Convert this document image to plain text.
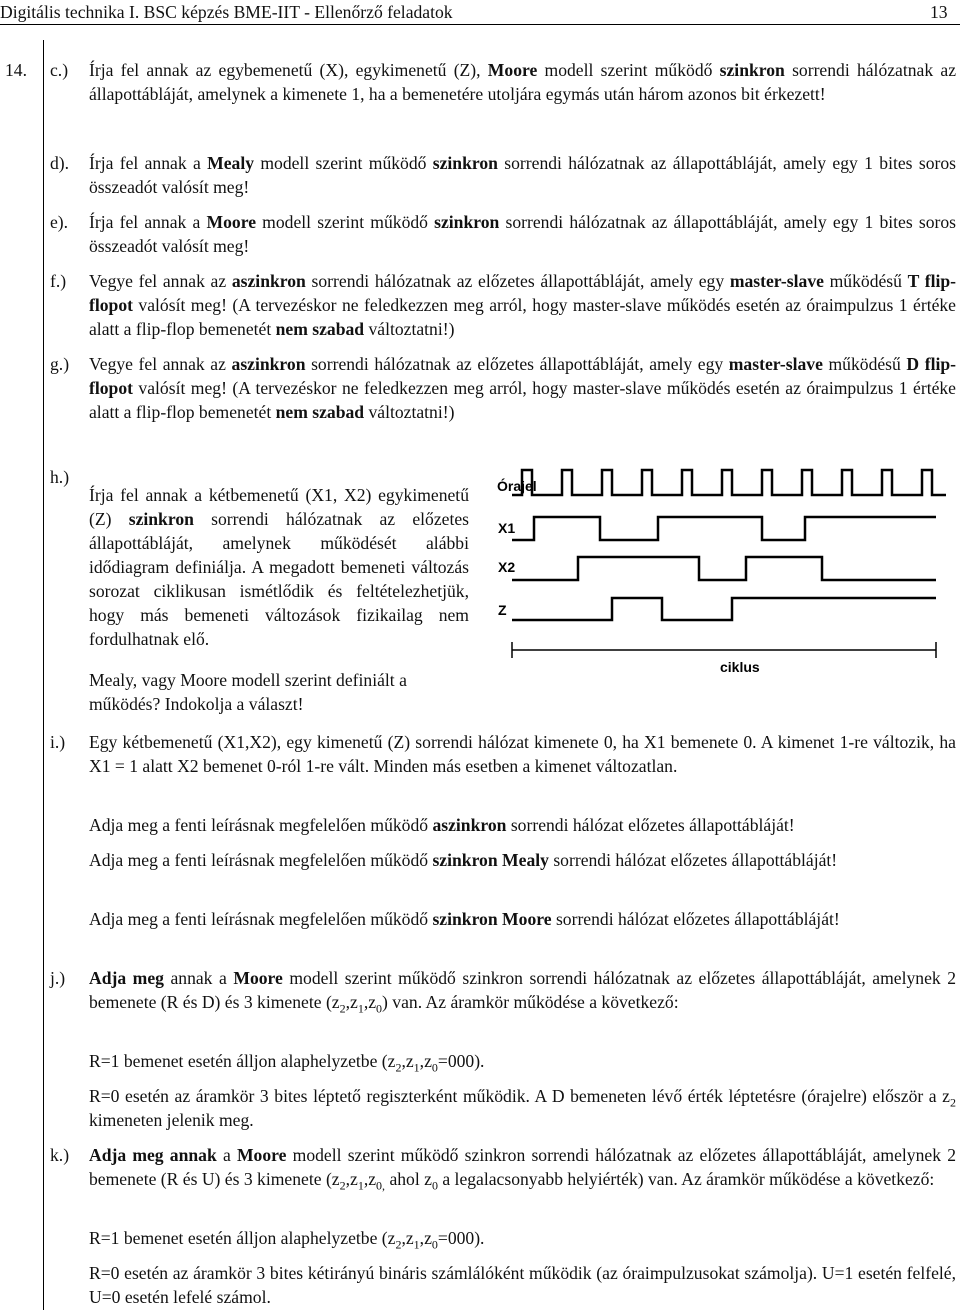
Digitális technika I. BSC képzés BME-IIT - Ellenőrző feladatok	13
14. c.) Írja fel annak az egybemenetű (X), egykimenetű (Z), Moore modell szerint működő szinkron sorrendi hálózatnak az állapottábláját, amelynek a kimenete 1, ha a bemenetére utoljára egymás után három azonos bit érkezett!
d). Írja fel annak a Mealy modell szerint működő szinkron sorrendi hálózatnak az állapottábláját, amely egy 1 bites soros összeadót valósít meg!
e). Írja fel annak a Moore modell szerint működő szinkron sorrendi hálózatnak az állapottábláját, amely egy 1 bites soros összeadót valósít meg!
f.) Vegye fel annak az aszinkron sorrendi hálózatnak az előzetes állapottábláját, amely egy master-slave működésű T flip-flopot valósít meg! (A tervezéskor ne feledkezzen meg arról, hogy master-slave működés esetén az óraimpulzus 1 értéke alatt a flip-flop bemenetét nem szabad változtatni!)
g.) Vegye fel annak az aszinkron sorrendi hálózatnak az előzetes állapottábláját, amely egy master-slave működésű D flip-flopot valósít meg! (A tervezéskor ne feledkezzen meg arról, hogy master-slave működés esetén az óraimpulzus 1 értéke alatt a flip-flop bemenetét nem szabad változtatni!)
h.)

Írja fel annak a kétbemenetű (X1, X2) egykimenetű (Z) szinkron sorrendi hálózatnak az előzetes állapottábláját, amelynek működését alábbi idődiagram definiálja. A megadott bemeneti változás sorozat ciklikusan ismétlődik és feltételezhetjük, hogy más bemeneti változások fizikailag nem fordulhatnak elő.

Mealy, vagy Moore modell szerint definiált a működés? Indokolja a választ!

Órajel
X1
X2
Z
ciklus
i.) Egy kétbemenetű (X1,X2), egy kimenetű (Z) sorrendi hálózat kimenete 0, ha X1 bemenete 0. A kimenet 1-re változik, ha X1 = 1 alatt X2 bemenet 0-ról 1-re vált. Minden más esetben a kimenet változatlan.
Adja meg a fenti leírásnak megfelelően működő aszinkron sorrendi hálózat előzetes állapottábláját!
Adja meg a fenti leírásnak megfelelően működő szinkron Mealy sorrendi hálózat előzetes állapottábláját!
Adja meg a fenti leírásnak megfelelően működő szinkron Moore sorrendi hálózat előzetes állapottábláját!
j.) Adja meg annak a Moore modell szerint működő szinkron sorrendi hálózatnak az előzetes állapottábláját, amelynek 2 bemenete (R és D) és 3 kimenete $(z_2,z_1,z_0)$ van. Az áramkör működése a következő:
R=1 bemenet esetén álljon alaphelyzetbe $(z_2,z_1,z_0=000)$.
R=0 esetén az áramkör 3 bites léptető regiszterként működik. A D bemeneten lévő érték léptetésre (órajelre) először a $z_2$ kimeneten jelenik meg.
k.) Adja meg annak a Moore modell szerint működő szinkron sorrendi hálózatnak az előzetes állapottábláját, amelynek 2 bemenete (R és U) és 3 kimenete ($z_2,z_1,z_{0,}$ ahol $z_0$ a legalacsonyabb helyiérték) van. Az áramkör működése a következő:
R=1 bemenet esetén álljon alaphelyzetbe $(z_2,z_1,z_0=000)$.
R=0 esetén az áramkör 3 bites kétirányú bináris számlálóként működik (az óraimpulzusokat számolja). U=1 esetén felfelé, U=0 esetén lefelé számol.
